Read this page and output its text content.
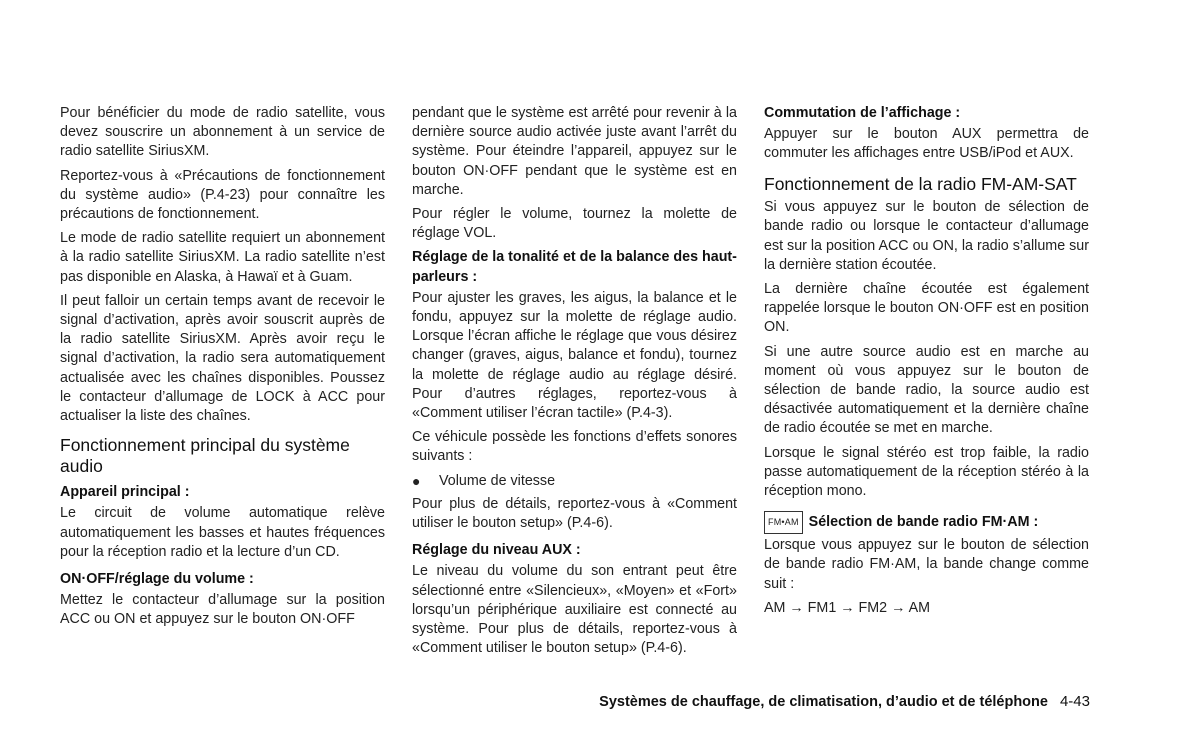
Pour bénéficier du mode de radio satellite, vous devez souscrire un abonnement à un service de radio satellite SiriusXM.

Reportez-vous à «Précautions de fonctionnement du système audio» (P.4-23) pour connaître les précautions de fonctionnement.

Le mode de radio satellite requiert un abonnement à la radio satellite SiriusXM. La radio satellite n’est pas disponible en Alaska, à Hawaï et à Guam.

Il peut falloir un certain temps avant de recevoir le signal d’activation, après avoir souscrit auprès de la radio satellite SiriusXM. Après avoir reçu le signal d’activation, la radio sera automatiquement actualisée avec les chaînes disponibles. Poussez le contacteur d’allumage de LOCK à ACC pour actualiser la liste des chaînes.

Fonctionnement principal du système audio
Appareil principal :

Le circuit de volume automatique relève automatiquement les basses et hautes fréquences pour la réception radio et la lecture d’un CD.

ON·OFF/réglage du volume :

Mettez le contacteur d’allumage sur la position ACC ou ON et appuyez sur le bouton ON·OFF

pendant que le système est arrêté pour revenir à la dernière source audio activée juste avant l’arrêt du système. Pour éteindre l’appareil, appuyez sur le bouton ON·OFF pendant que le système est en marche.

Pour régler le volume, tournez la molette de réglage VOL.

Réglage de la tonalité et de la balance des haut-parleurs :

Pour ajuster les graves, les aigus, la balance et le fondu, appuyez sur la molette de réglage audio. Lorsque l’écran affiche le réglage que vous désirez changer (graves, aigus, balance et fondu), tournez la molette de réglage audio au réglage désiré. Pour d’autres réglages, reportez-vous à «Comment utiliser l’écran tactile» (P.4-3).

Ce véhicule possède les fonctions d’effets sonores suivants :

●	Volume de vitesse

Pour plus de détails, reportez-vous à «Comment utiliser le bouton setup» (P.4-6).

Réglage du niveau AUX :

Le niveau du volume du son entrant peut être sélectionné entre «Silencieux», «Moyen» et «Fort» lorsqu’un périphérique auxiliaire est connecté au système. Pour plus de détails, reportez-vous à «Comment utiliser le bouton setup» (P.4-6).

Commutation de l’affichage :

Appuyer sur le bouton AUX permettra de commuter les affichages entre USB/iPod et AUX.

Fonctionnement de la radio FM-AM-SAT

Si vous appuyez sur le bouton de sélection de bande radio ou lorsque le contacteur d’allumage est sur la position ACC ou ON, la radio s’allume sur la dernière station écoutée.

La dernière chaîne écoutée est également rappelée lorsque le bouton ON·OFF est en position ON.

Si une autre source audio est en marche au moment où vous appuyez sur le bouton de sélection de bande radio, la source audio est désactivée automatiquement et la dernière chaîne de radio écoutée se met en marche.

Lorsque le signal stéréo est trop faible, la radio passe automatiquement de la réception stéréo à la réception mono.

FM•AM Sélection de bande radio FM·AM :

Lorsque vous appuyez sur le bouton de sélection de bande radio FM·AM, la bande change comme suit :

AM → FM1 → FM2 → AM

Systèmes de chauffage, de climatisation, d’audio et de téléphone 4-43
